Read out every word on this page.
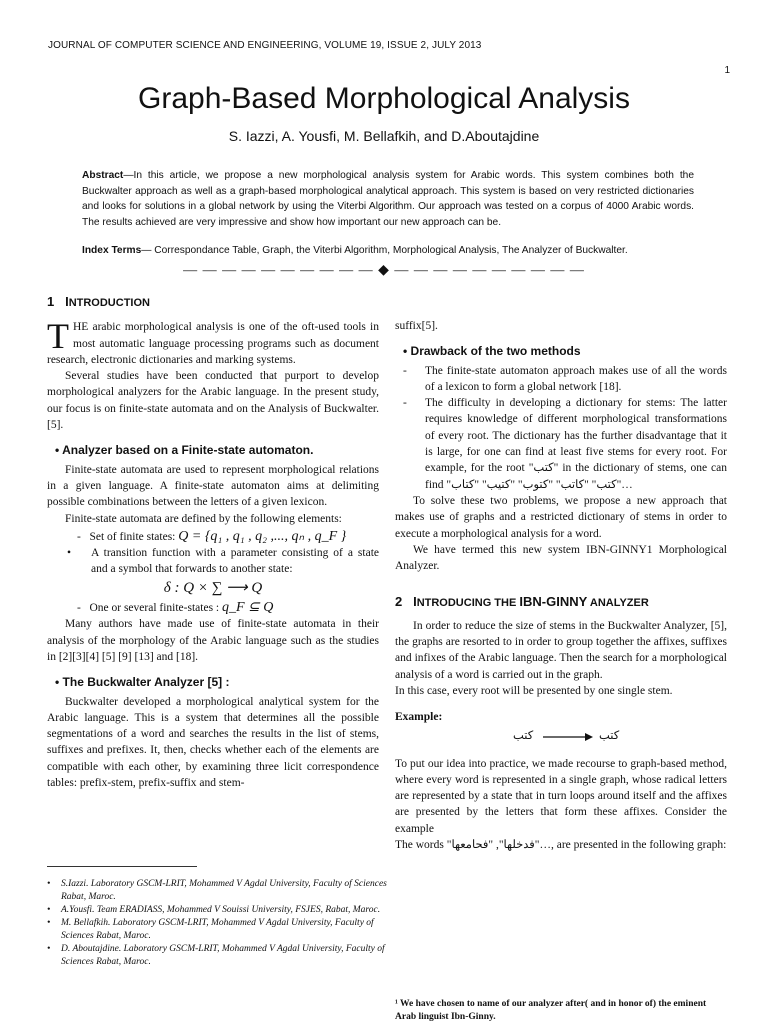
JOURNAL OF COMPUTER SCIENCE AND ENGINEERING, VOLUME 19, ISSUE 2, JULY 2013
1
Graph-Based Morphological Analysis
S. Iazzi, A. Yousfi, M. Bellafkih, and D.Aboutajdine
Abstract—In this article, we propose a new morphological analysis system for Arabic words. This system combines both the Buckwalter approach as well as a graph-based morphological analytical approach. This system is based on very restricted dictionaries and looks for solutions in a global network by using the Viterbi Algorithm. Our approach was tested on a corpus of 4000 Arabic words. The results achieved are very impressive and show how important our new approach can be.
Index Terms— Correspondance Table, Graph, the Viterbi Algorithm, Morphological Analysis, The Analyzer of Buckwalter.
— — — — — — — — — — ◆ — — — — — — — — — —
1 INTRODUCTION

THE arabic morphological analysis is one of the oft-used tools in most automatic language processing programs such as document research, electronic dictionaries and marking systems.

Several studies have been conducted that purport to develop morphological analyzers for the Arabic language. In the present study, our focus is on finite-state automata and on the Analysis of Buckwalter. [5].

• Analyzer based on a Finite-state automaton.

Finite-state automata are used to represent morphological relations in a given language. A finite-state automaton aims at delimiting possible combinations between the letters of a given lexicon.

Finite-state automata are defined by the following elements:

-   Set of finite states: Q = {q₁ , q₁ , q₂ ,..., qₙ , q_F }
•	A transition function with a parameter consisting of a state and a symbol that forwards to another state:
δ : Q × ∑ ⟶ Q
-   One or several finite-states : q_F ⊆ Q

Many authors have made use of finite-state automata in their analysis of the morphology of the Arabic language such as the studies in [2][3][4] [5] [9] [13] and [18].

• The Buckwalter Analyzer [5] :

Buckwalter developed a morphological analytical system for the Arabic language. This is a system that determines all the possible segmentations of a word and searches the results in the list of stems, suffixes and prefixes. It, then, checks whether each of the elements are compatible with each other, by examining three licit correspondence tables: prefix-stem, prefix-suffix and stem-

•	S.Iazzi. Laboratory GSCM-LRIT, Mohammed V Agdal University, Faculty of Sciences Rabat, Maroc.
•	A.Yousfi. Team ERADIASS, Mohammed V Souissi University, FSJES, Rabat, Maroc.
•	M. Bellafkih. Laboratory GSCM-LRIT, Mohammed V Agdal University, Faculty of Sciences Rabat, Maroc.
•	D. Aboutajdine. Laboratory GSCM-LRIT, Mohammed V Agdal University, Faculty of Sciences Rabat, Maroc.

suffix[5].

• Drawback of the two methods
-	The finite-state automaton approach makes use of all the words of a lexicon to form a global network [18].
-	The difficulty in developing a dictionary for stems: The latter requires knowledge of different morphological transformations of every root. The dictionary has the further disadvantage that it is large, for one can find at least five stems for every root. For example, for the root "كتب" in the dictionary of stems, one can find "كتب" "كاتب" "كتوب" "كتيب" "كتاب"…

To solve these two problems, we propose a new approach that makes use of graphs and a restricted dictionary of stems in order to execute a morphological analysis for a word.

We have termed this new system IBN-GINNY1 Morphological Analyzer.

2 INTRODUCING THE IBN-GINNY ANALYZER

In order to reduce the size of stems in the Buckwalter Analyzer, [5], the graphs are resorted to in order to group together the affixes, suffixes and infixes of the Arabic language. Then the search for a morphological analysis of a word is carried out in the graph.

In this case, every root will be presented by one single stem.

Example:

كتب	كتب

To put our idea into practice, we made recourse to graph-based method, where every word is represented in a single graph, whose radical letters are represented by a state that in turn loops around itself and the affixes are presented by the letters that form these affixes. Consider the example

The words "فدخلها", "فحامعها"…, are presented in the following graph:

¹ We have chosen to name of our analyzer after( and in honor of) the eminent Arab linguist Ibn-Ginny.
